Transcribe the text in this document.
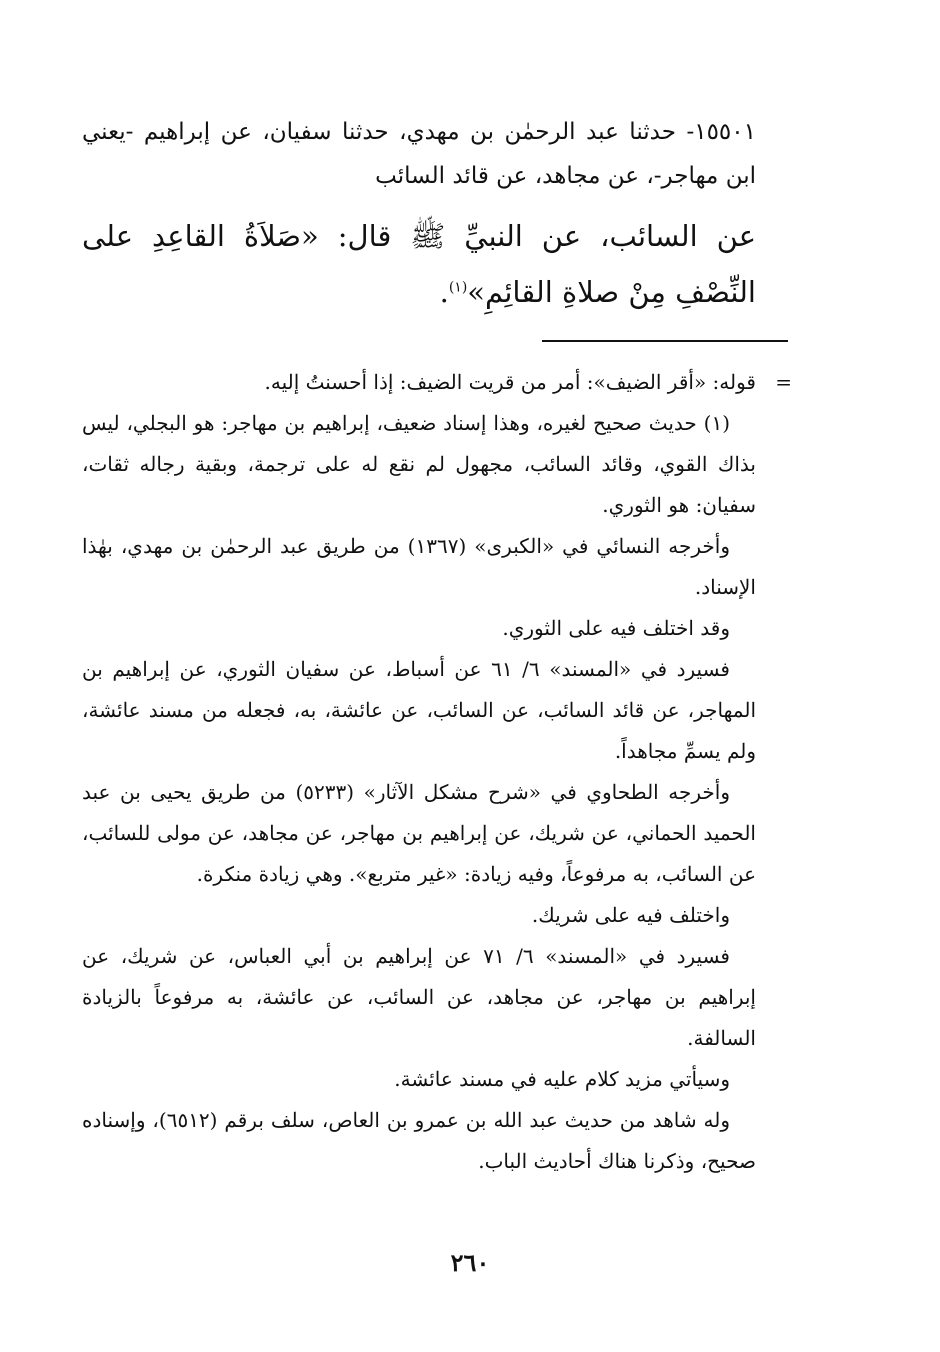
١٥٥٠١- حدثنا عبد الرحمٰن بن مهدي، حدثنا سفيان، عن إبراهيم -يعني ابن مهاجر-، عن مجاهد، عن قائد السائب

عن السائب، عن النبيِّ ﷺ قال: «صَلاَةُ القاعِدِ على النِّصْفِ مِنْ صلاةِ القائِمِ»$^{(١)}$.

=
قوله: «أقر الضيف»: أمر من قريت الضيف: إذا أحسنتُ إليه.

(١) حديث صحيح لغيره، وهذا إسناد ضعيف، إبراهيم بن مهاجر: هو البجلي، ليس بذاك القوي، وقائد السائب، مجهول لم نقع له على ترجمة، وبقية رجاله ثقات، سفيان: هو الثوري.

وأخرجه النسائي في «الكبرى» (١٣٦٧) من طريق عبد الرحمٰن بن مهدي، بهٰذا الإسناد.

وقد اختلف فيه على الثوري.

فسيرد في «المسند» ٦/ ٦١ عن أسباط، عن سفيان الثوري، عن إبراهيم بن المهاجر، عن قائد السائب، عن السائب، عن عائشة، به، فجعله من مسند عائشة، ولم يسمِّ مجاهداً.

وأخرجه الطحاوي في «شرح مشكل الآثار» (٥٢٣٣) من طريق يحيى بن عبد الحميد الحماني، عن شريك، عن إبراهيم بن مهاجر، عن مجاهد، عن مولى للسائب، عن السائب، به مرفوعاً، وفيه زيادة: «غير متربع». وهي زيادة منكرة.

واختلف فيه على شريك.

فسيرد في «المسند» ٦/ ٧١ عن إبراهيم بن أبي العباس، عن شريك، عن إبراهيم بن مهاجر، عن مجاهد، عن السائب، عن عائشة، به مرفوعاً بالزيادة السالفة.

وسيأتي مزيد كلام عليه في مسند عائشة.

وله شاهد من حديث عبد الله بن عمرو بن العاص، سلف برقم (٦٥١٢)، وإسناده صحيح، وذكرنا هناك أحاديث الباب.

٢٦٠
